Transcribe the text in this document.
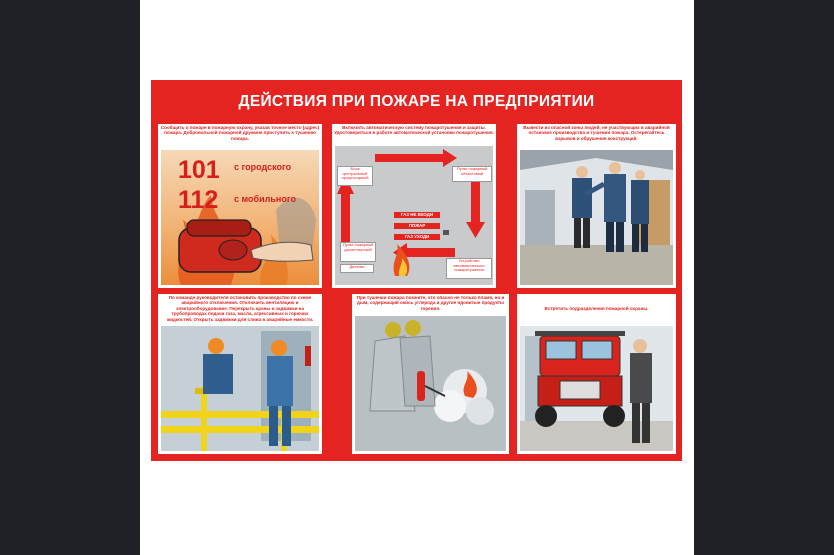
ДЕЙСТВИЯ ПРИ ПОЖАРЕ НА ПРЕДПРИЯТИИ
Сообщить о пожаре в пожарную охрану, указав точное место (адрес) пожара. Добровольной пожарной дружине приступить к тушению пожара.
101 с городского
112 с мобильного
Включить автоматическую систему пожаротушения и защиты. Удостовериться в работе автоматической установки пожаротушения.
Блок центральный процессорный
Пульт пожарный объектовый
Пульт пожарный диспетчерский
Датчики
Устройство автоматического пожаротушения
ГАЗ НЕ ВХОДИ
ПОЖАР
ГАЗ УХОДИ
Вывести из опасной зоны людей, не участвующих в аварийной остановке производства и тушении пожара. Остерегайтесь взрывов и обрушения конструкций.
По команде руководителя остановить производство по схеме аварийного отключения. Отключить вентиляцию и электрооборудование. Перекрыть краны и задвижки на трубопроводах подачи газа, масла, агрессивных и горючих жидкостей. Открыть задвижки для слива в аварийные емкости.
При тушении пожара помните, что опасно не только пламя, но и дым, содержащий окись углерода и другие ядовитые продукты горения.	Встретить подразделения пожарной охраны.
